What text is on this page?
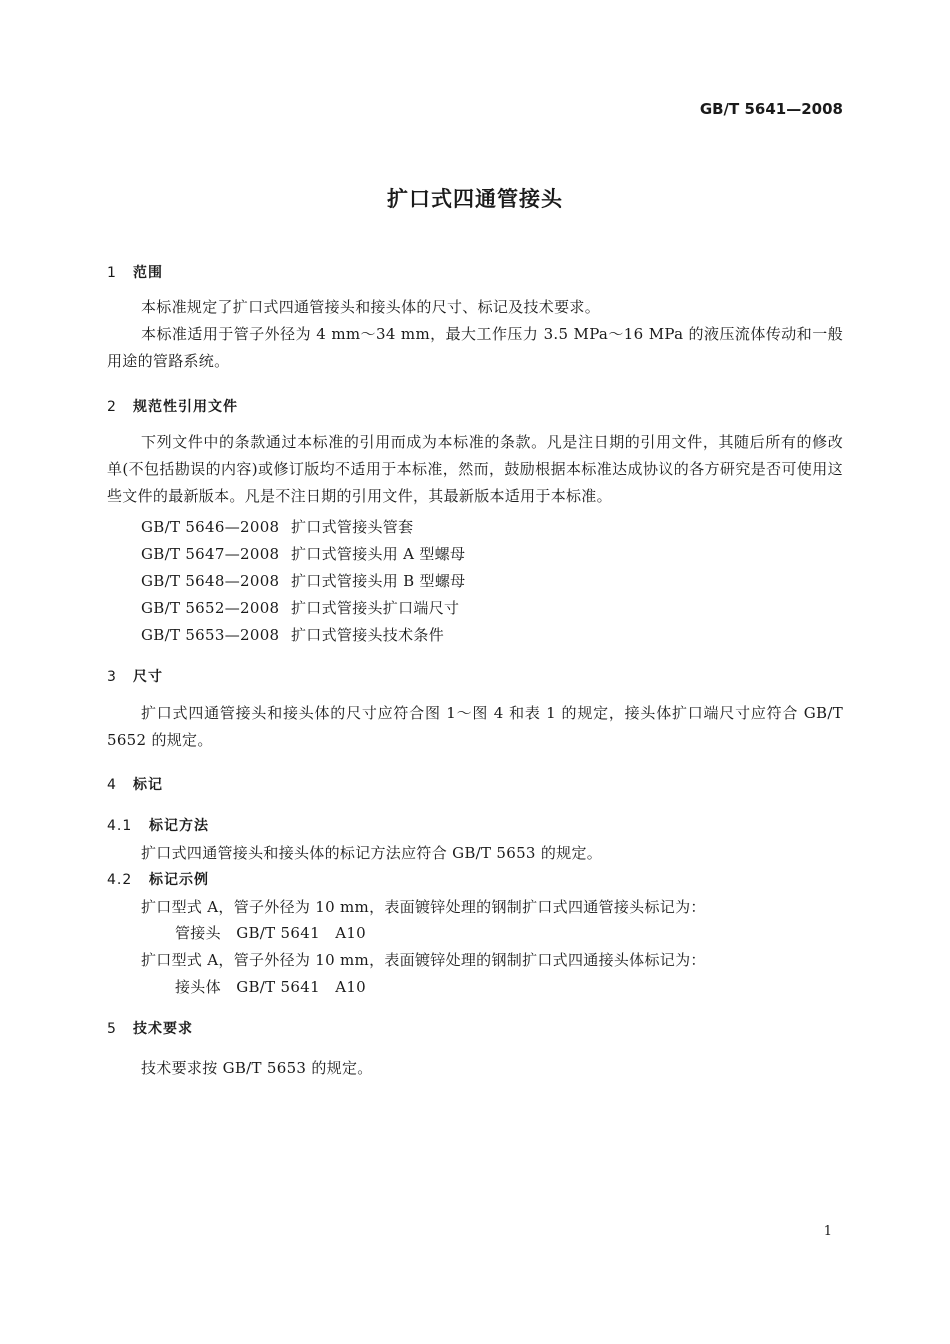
GB/T 5641—2008
扩口式四通管接头
1 范围
本标准规定了扩口式四通管接头和接头体的尺寸、标记及技术要求。
本标准适用于管子外径为 4 mm～34 mm，最大工作压力 3.5 MPa～16 MPa 的液压流体传动和一般用途的管路系统。
2 规范性引用文件
下列文件中的条款通过本标准的引用而成为本标准的条款。凡是注日期的引用文件，其随后所有的修改单(不包括勘误的内容)或修订版均不适用于本标准，然而，鼓励根据本标准达成协议的各方研究是否可使用这些文件的最新版本。凡是不注日期的引用文件，其最新版本适用于本标准。
GB/T 5646—2008 扩口式管接头管套
GB/T 5647—2008 扩口式管接头用 A 型螺母
GB/T 5648—2008 扩口式管接头用 B 型螺母
GB/T 5652—2008 扩口式管接头扩口端尺寸
GB/T 5653—2008 扩口式管接头技术条件
3 尺寸
扩口式四通管接头和接头体的尺寸应符合图 1～图 4 和表 1 的规定，接头体扩口端尺寸应符合 GB/T 5652 的规定。
4 标记
4.1 标记方法
扩口式四通管接头和接头体的标记方法应符合 GB/T 5653 的规定。
4.2 标记示例
扩口型式 A，管子外径为 10 mm，表面镀锌处理的钢制扩口式四通管接头标记为：
管接头　GB/T 5641　A10
扩口型式 A，管子外径为 10 mm，表面镀锌处理的钢制扩口式四通接头体标记为：
接头体　GB/T 5641　A10
5 技术要求
技术要求按 GB/T 5653 的规定。
1
